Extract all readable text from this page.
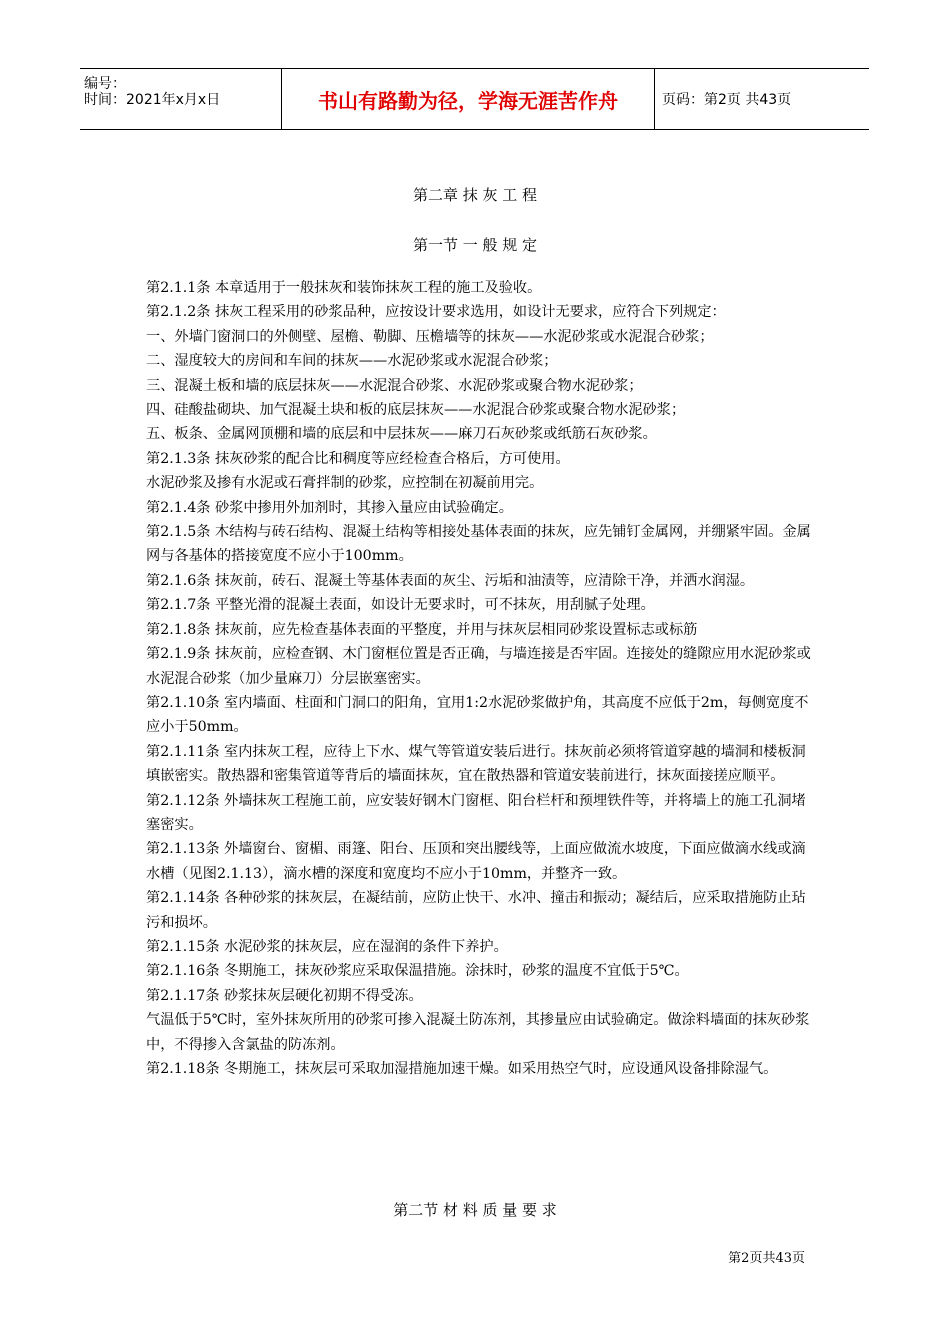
编号：
时间：2021年x月x日	书山有路勤为径，学海无涯苦作舟	页码：第2页 共43页
第二章 抹 灰 工 程
第一节 一 般 规 定

第2.1.1条 本章适用于一般抹灰和装饰抹灰工程的施工及验收。

第2.1.2条 抹灰工程采用的砂浆品种，应按设计要求选用，如设计无要求，应符合下列规定：

一、外墙门窗洞口的外侧壁、屋檐、勒脚、压檐墙等的抹灰——水泥砂浆或水泥混合砂浆；

二、湿度较大的房间和车间的抹灰——水泥砂浆或水泥混合砂浆；

三、混凝土板和墙的底层抹灰——水泥混合砂浆、水泥砂浆或聚合物水泥砂浆；

四、硅酸盐砌块、加气混凝土块和板的底层抹灰——水泥混合砂浆或聚合物水泥砂浆；

五、板条、金属网顶棚和墙的底层和中层抹灰——麻刀石灰砂浆或纸筋石灰砂浆。

第2.1.3条 抹灰砂浆的配合比和稠度等应经检查合格后，方可使用。

水泥砂浆及掺有水泥或石膏拌制的砂浆，应控制在初凝前用完。

第2.1.4条 砂浆中掺用外加剂时，其掺入量应由试验确定。

第2.1.5条 木结构与砖石结构、混凝土结构等相接处基体表面的抹灰，应先铺钉金属网，并绷紧牢固。金属网与各基体的搭接宽度不应小于100mm。

第2.1.6条 抹灰前，砖石、混凝土等基体表面的灰尘、污垢和油渍等，应清除干净，并洒水润湿。

第2.1.7条 平整光滑的混凝土表面，如设计无要求时，可不抹灰，用刮腻子处理。

第2.1.8条 抹灰前，应先检查基体表面的平整度，并用与抹灰层相同砂浆设置标志或标筋

第2.1.9条 抹灰前，应检查钢、木门窗框位置是否正确，与墙连接是否牢固。连接处的缝隙应用水泥砂浆或水泥混合砂浆（加少量麻刀）分层嵌塞密实。

第2.1.10条 室内墙面、柱面和门洞口的阳角，宜用1:2水泥砂浆做护角，其高度不应低于2m，每侧宽度不应小于50mm。

第2.1.11条 室内抹灰工程，应待上下水、煤气等管道安装后进行。抹灰前必须将管道穿越的墙洞和楼板洞填嵌密实。散热器和密集管道等背后的墙面抹灰，宜在散热器和管道安装前进行，抹灰面接搓应顺平。

第2.1.12条 外墙抹灰工程施工前，应安装好钢木门窗框、阳台栏杆和预埋铁件等，并将墙上的施工孔洞堵塞密实。

第2.1.13条 外墙窗台、窗楣、雨篷、阳台、压顶和突出腰线等，上面应做流水坡度，下面应做滴水线或滴水槽（见图2.1.13），滴水槽的深度和宽度均不应小于10mm，并整齐一致。

第2.1.14条 各种砂浆的抹灰层，在凝结前，应防止快干、水冲、撞击和振动；凝结后，应采取措施防止玷污和损坏。

第2.1.15条 水泥砂浆的抹灰层，应在湿润的条件下养护。

第2.1.16条 冬期施工，抹灰砂浆应采取保温措施。涂抹时，砂浆的温度不宜低于5℃。

第2.1.17条 砂浆抹灰层硬化初期不得受冻。

气温低于5℃时，室外抹灰所用的砂浆可掺入混凝土防冻剂，其掺量应由试验确定。做涂料墙面的抹灰砂浆中，不得掺入含氯盐的防冻剂。

第2.1.18条 冬期施工，抹灰层可采取加湿措施加速干燥。如采用热空气时，应设通风设备排除湿气。

第二节 材 料 质 量 要 求
第2页共43页
